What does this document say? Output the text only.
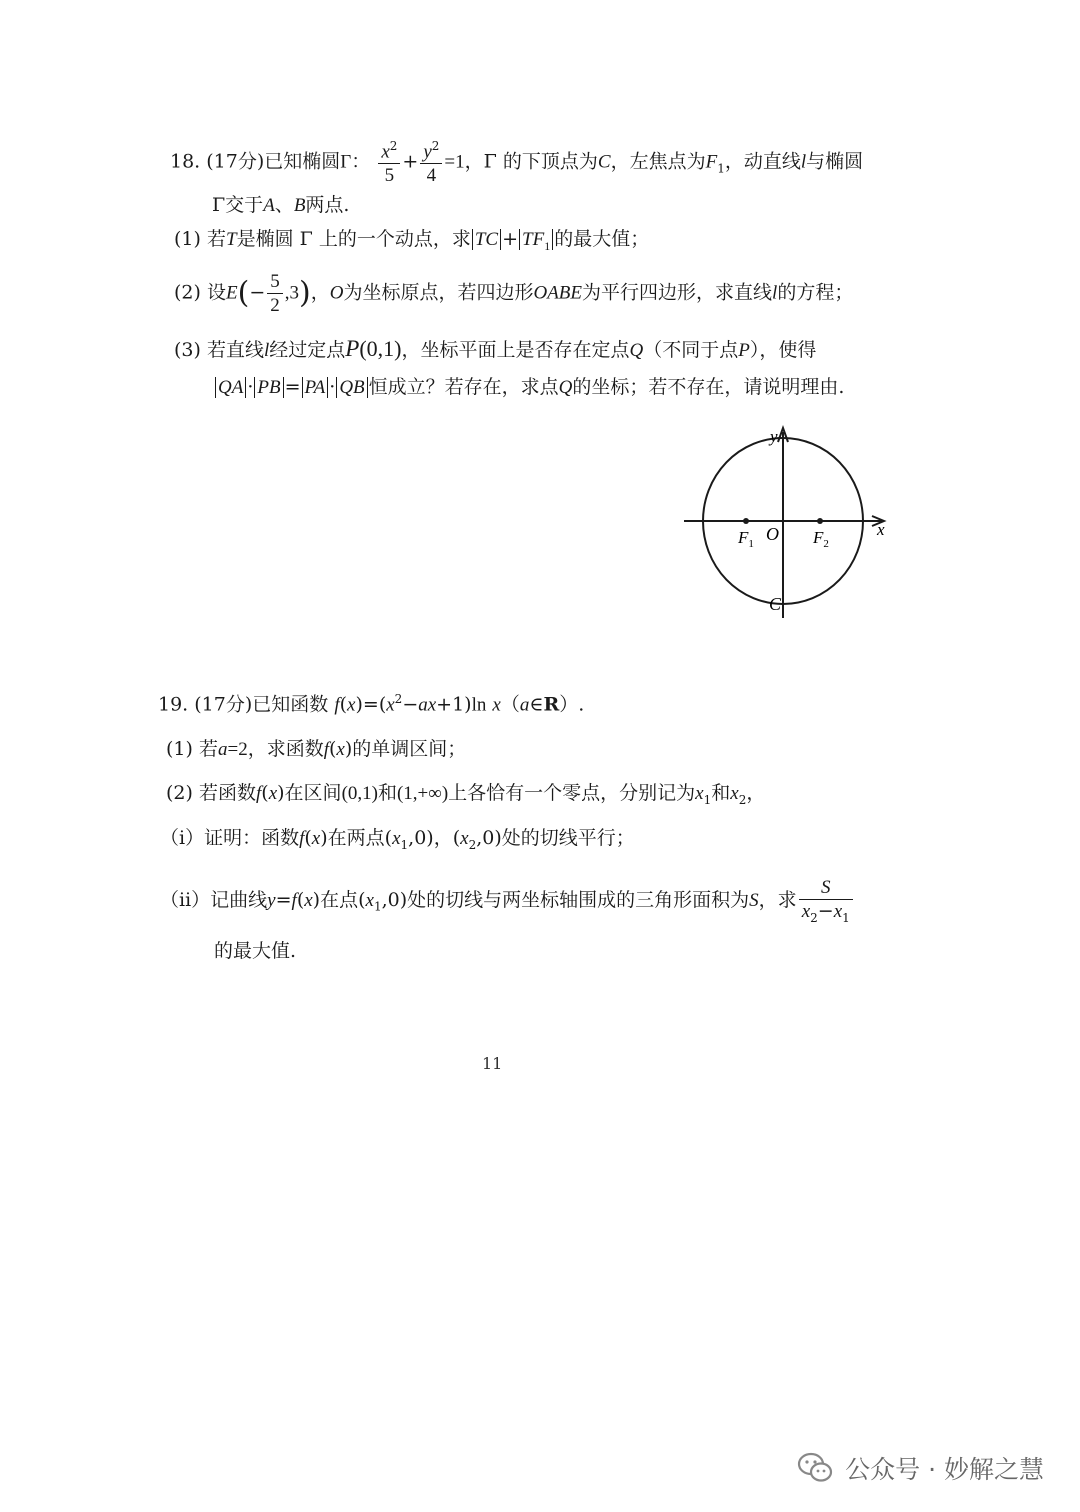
18. (17分)已知椭圆Γ： $\frac{x^2}{5} + \frac{y^2}{4} =1$，Γ 的下顶点为C，左焦点为$F_1$，动直线l与椭圆
Γ交于A、B两点.
(1) 若T是椭圆 Γ 上的一个动点，求 TC + $TF_1$ 的最大值；
(2) 设$E(- \frac{5}{2} ,3)$，O为坐标原点，若四边形OABE为平行四边形，求直线l的方程；
(3) 若直线l经过定点P(0,1)，坐标平面上是否存在定点Q（不同于点P），使得
QA · PB = PA · QB 恒成立？若存在，求点Q的坐标；若不存在，请说明理由.
y
x
$F_1$ O $F_2$
C
19. (17分)已知函数 $f(x)=(x^2-ax+1)\ln$ x（a∈R）.
(1) 若a=2，求函数f(x)的单调区间；
(2) 若函数f(x)在区间(0,1)和(1,+∞)上各恰有一个零点，分别记为$x_1$和$x_2$，
（ⅰ）证明：函数f(x)在两点$(x_1,0)$，$(x_2,0)$处的切线平行；
（ⅱ）记曲线y=f(x)在点$(x_1,0)$处的切线与两坐标轴围成的三角形面积为S，求 $\frac{S}{x_2-x_1}$
的最大值.
11
公众号 · 妙解之慧
